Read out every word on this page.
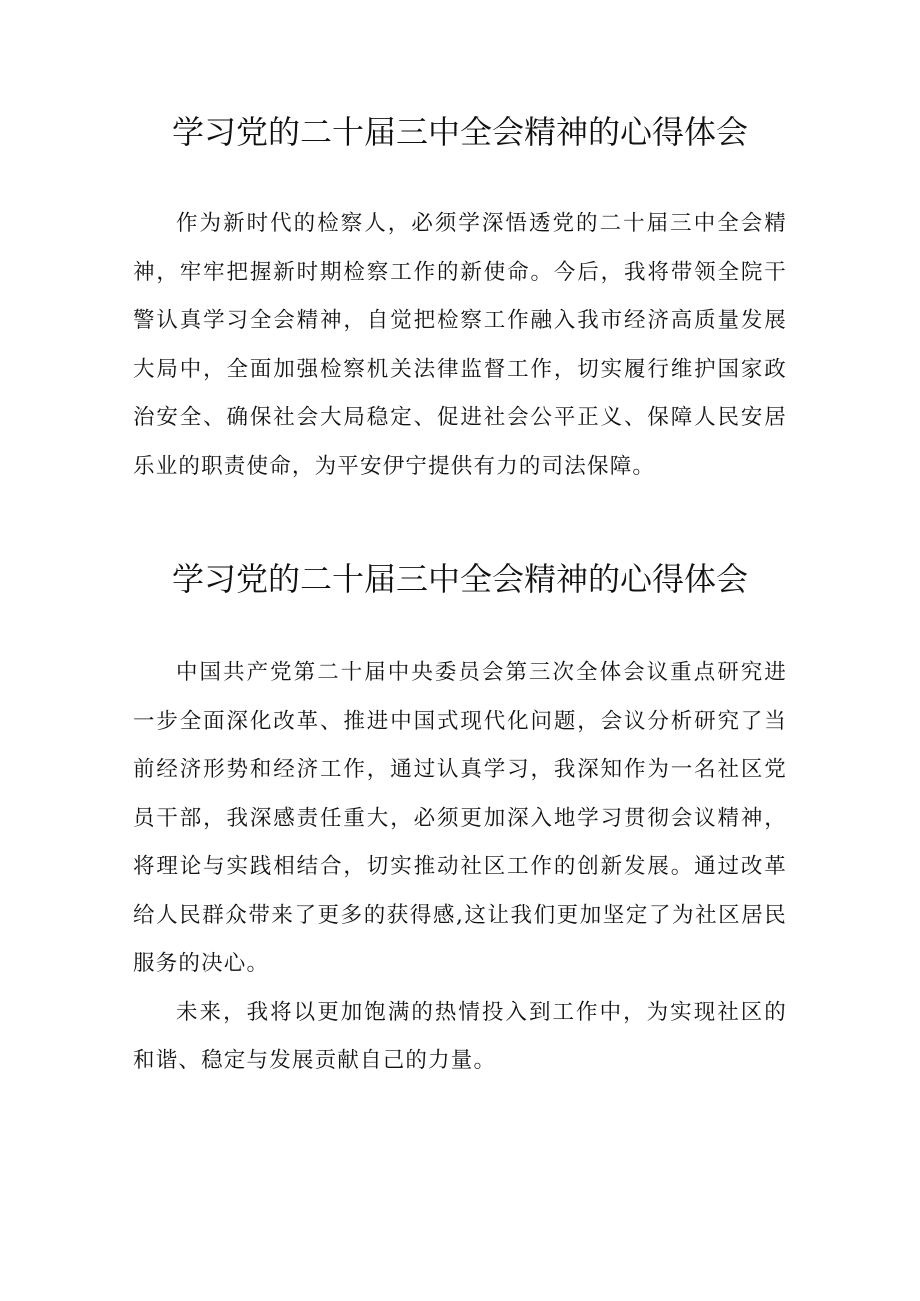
学习党的二十届三中全会精神的心得体会

作为新时代的检察人，必须学深悟透党的二十届三中全会精神，牢牢把握新时期检察工作的新使命。今后，我将带领全院干警认真学习全会精神，自觉把检察工作融入我市经济高质量发展大局中，全面加强检察机关法律监督工作，切实履行维护国家政治安全、确保社会大局稳定、促进社会公平正义、保障人民安居乐业的职责使命，为平安伊宁提供有力的司法保障。

学习党的二十届三中全会精神的心得体会

中国共产党第二十届中央委员会第三次全体会议重点研究进一步全面深化改革、推进中国式现代化问题，会议分析研究了当前经济形势和经济工作，通过认真学习，我深知作为一名社区党员干部，我深感责任重大，必须更加深入地学习贯彻会议精神，将理论与实践相结合，切实推动社区工作的创新发展。通过改革给人民群众带来了更多的获得感,这让我们更加坚定了为社区居民服务的决心。

未来，我将以更加饱满的热情投入到工作中，为实现社区的和谐、稳定与发展贡献自己的力量。
